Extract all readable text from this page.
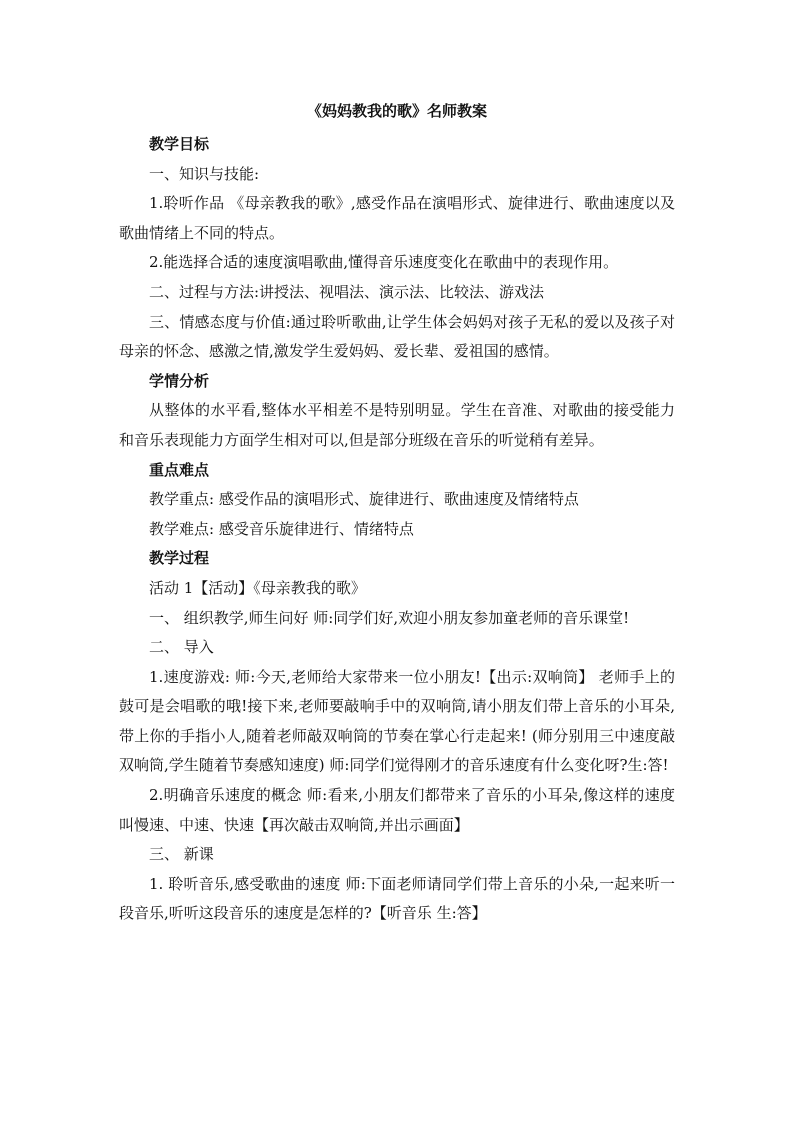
《妈妈教我的歌》名师教案

教学目标

一、知识与技能:

1.聆听作品 《母亲教我的歌》,感受作品在演唱形式、旋律进行、歌曲速度以及歌曲情绪上不同的特点。

2.能选择合适的速度演唱歌曲,懂得音乐速度变化在歌曲中的表现作用。

二、过程与方法:讲授法、视唱法、演示法、比较法、游戏法

三、情感态度与价值:通过聆听歌曲,让学生体会妈妈对孩子无私的爱以及孩子对母亲的怀念、感激之情,激发学生爱妈妈、爱长辈、爱祖国的感情。

学情分析

从整体的水平看,整体水平相差不是特别明显。学生在音准、对歌曲的接受能力和音乐表现能力方面学生相对可以,但是部分班级在音乐的听觉稍有差异。

重点难点

教学重点: 感受作品的演唱形式、旋律进行、歌曲速度及情绪特点

教学难点: 感受音乐旋律进行、情绪特点

教学过程

活动 1【活动】《母亲教我的歌》

一、 组织教学,师生问好 师:同学们好,欢迎小朋友参加童老师的音乐课堂!

二、 导入

1.速度游戏: 师:今天,老师给大家带来一位小朋友!【出示:双响筒】 老师手上的鼓可是会唱歌的哦!接下来,老师要敲响手中的双响筒,请小朋友们带上音乐的小耳朵,带上你的手指小人,随着老师敲双响筒的节奏在掌心行走起来! (师分别用三中速度敲双响筒,学生随着节奏感知速度) 师:同学们觉得刚才的音乐速度有什么变化呀?生:答!

2.明确音乐速度的概念 师:看来,小朋友们都带来了音乐的小耳朵,像这样的速度叫慢速、中速、快速【再次敲击双响筒,并出示画面】

三、 新课

1. 聆听音乐,感受歌曲的速度 师:下面老师请同学们带上音乐的小朵,一起来听一段音乐,听听这段音乐的速度是怎样的?【听音乐 生:答】
